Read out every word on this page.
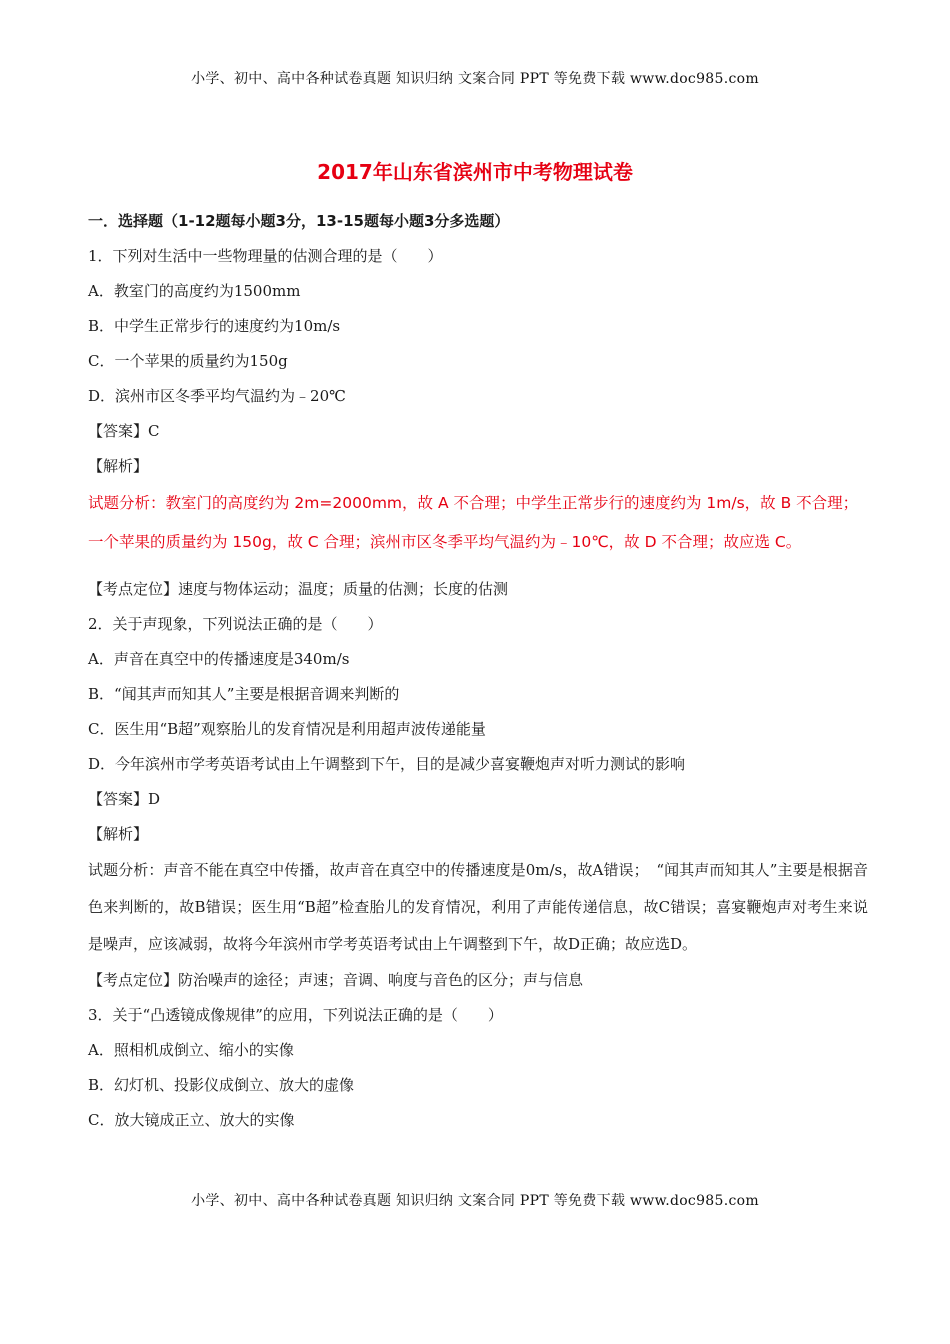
小学、初中、高中各种试卷真题 知识归纳 文案合同 PPT 等免费下载 www.doc985.com
2017年山东省滨州市中考物理试卷
一．选择题（1-12题每小题3分，13-15题每小题3分多选题）
1．下列对生活中一些物理量的估测合理的是（　　）
A．教室门的高度约为1500mm
B．中学生正常步行的速度约为10m/s
C．一个苹果的质量约为150g
D．滨州市区冬季平均气温约为﹣20℃
【答案】C
【解析】
试题分析：教室门的高度约为 2m=2000mm，故 A 不合理；中学生正常步行的速度约为 1m/s，故 B 不合理；
一个苹果的质量约为 150g，故 C 合理；滨州市区冬季平均气温约为﹣10℃，故 D 不合理；故应选 C。
【考点定位】速度与物体运动；温度；质量的估测；长度的估测
2．关于声现象，下列说法正确的是（　　）
A．声音在真空中的传播速度是340m/s
B．“闻其声而知其人”主要是根据音调来判断的
C．医生用“B超”观察胎儿的发育情况是利用超声波传递能量
D．今年滨州市学考英语考试由上午调整到下午，目的是减少喜宴鞭炮声对听力测试的影响
【答案】D
【解析】
试题分析：声音不能在真空中传播，故声音在真空中的传播速度是0m/s，故A错误；　“闻其声而知其人”主要是根据音色来判断的，故B错误；医生用“B超”检查胎儿的发育情况，利用了声能传递信息，故C错误；喜宴鞭炮声对考生来说是噪声，应该减弱，故将今年滨州市学考英语考试由上午调整到下午，故D正确；故应选D。
【考点定位】防治噪声的途径；声速；音调、响度与音色的区分；声与信息
3．关于“凸透镜成像规律”的应用，下列说法正确的是（　　）
A．照相机成倒立、缩小的实像
B．幻灯机、投影仪成倒立、放大的虚像
C．放大镜成正立、放大的实像
小学、初中、高中各种试卷真题 知识归纳 文案合同 PPT 等免费下载 www.doc985.com
